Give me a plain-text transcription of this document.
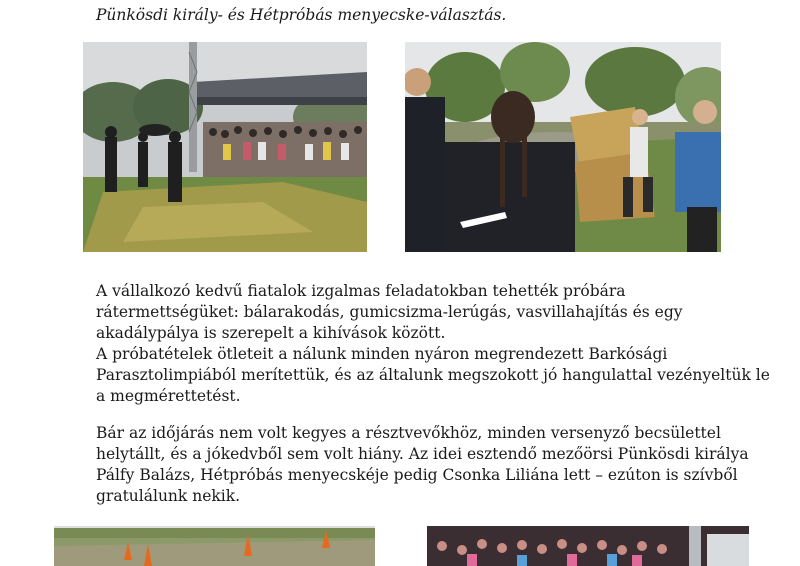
Pünkösdi király- és Hétpróbás menyecske-választás.
A vállalkozó kedvű fiatalok izgalmas feladatokban tehették próbára
rátermettségüket: bálarakodás, gumicsizma-lerúgás, vasvillahajítás és egy
akadálypálya is szerepelt a kihívások között.
A próbatételek ötleteit a nálunk minden nyáron megrendezett Barkósági
Parasztolimpiából merítettük, és az általunk megszokott jó hangulattal vezényeltük le
a megmérettetést.
Bár az időjárás nem volt kegyes a résztvevőkhöz, minden versenyző becsülettel
helytállt, és a jókedvből sem volt hiány. Az idei esztendő mezőörsi Pünkösdi királya
Pálfy Balázs, Hétpróbás menyecskéje pedig Csonka Liliána lett – ezúton is szívből
gratulálunk nekik.
